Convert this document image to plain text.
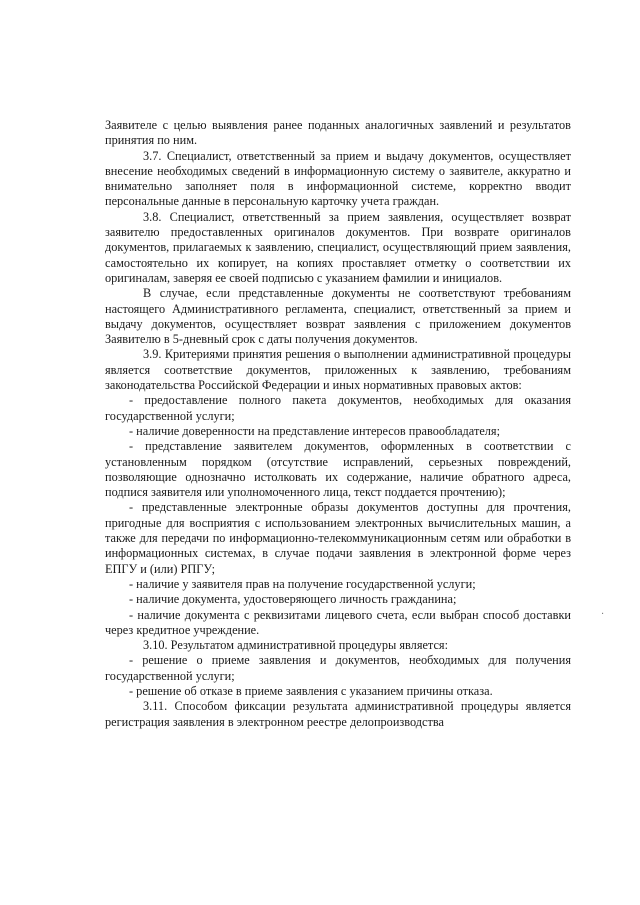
Заявителе с целью выявления ранее поданных аналогичных заявлений и результатов принятия по ним.

3.7. Специалист, ответственный за прием и выдачу документов, осуществляет внесение необходимых сведений в информационную систему о заявителе, аккуратно и внимательно заполняет поля в информационной системе, корректно вводит персональные данные в персональную карточку учета граждан.

3.8. Специалист, ответственный за прием заявления, осуществляет возврат заявителю предоставленных оригиналов документов. При возврате оригиналов документов, прилагаемых к заявлению, специалист, осуществляющий прием заявления, самостоятельно их копирует, на копиях проставляет отметку о соответствии их оригиналам, заверяя ее своей подписью с указанием фамилии и инициалов.

В случае, если представленные документы не соответствуют требованиям настоящего Административного регламента, специалист, ответственный за прием и выдачу документов, осуществляет возврат заявления с приложением документов Заявителю в 5-дневный срок с даты получения документов.

3.9. Критериями принятия решения о выполнении административной процедуры является соответствие документов, приложенных к заявлению, требованиям законодательства Российской Федерации и иных нормативных правовых актов:

- предоставление полного пакета документов, необходимых для оказания государственной услуги;

- наличие доверенности на представление интересов правообладателя;

- представление заявителем документов, оформленных в соответствии с установленным порядком (отсутствие исправлений, серьезных повреждений, позволяющие однозначно истолковать их содержание, наличие обратного адреса, подпися заявителя или уполномоченного лица, текст поддается прочтению);

- представленные электронные образы документов доступны для прочтения, пригодные для восприятия с использованием электронных вычислительных машин, а также для передачи по информационно-телекоммуникационным сетям или обработки в информационных системах, в случае подачи заявления в электронной форме через ЕПГУ и (или) РПГУ;

- наличие у заявителя прав на получение государственной услуги;

- наличие документа, удостоверяющего личность гражданина;

- наличие документа с реквизитами лицевого счета, если выбран способ доставки через кредитное учреждение.

3.10. Результатом административной процедуры является:

- решение о приеме заявления и документов, необходимых для получения государственной услуги;

- решение об отказе в приеме заявления с указанием причины отказа.

3.11. Способом фиксации результата административной процедуры является регистрация заявления в электронном реестре делопроизводства

.
